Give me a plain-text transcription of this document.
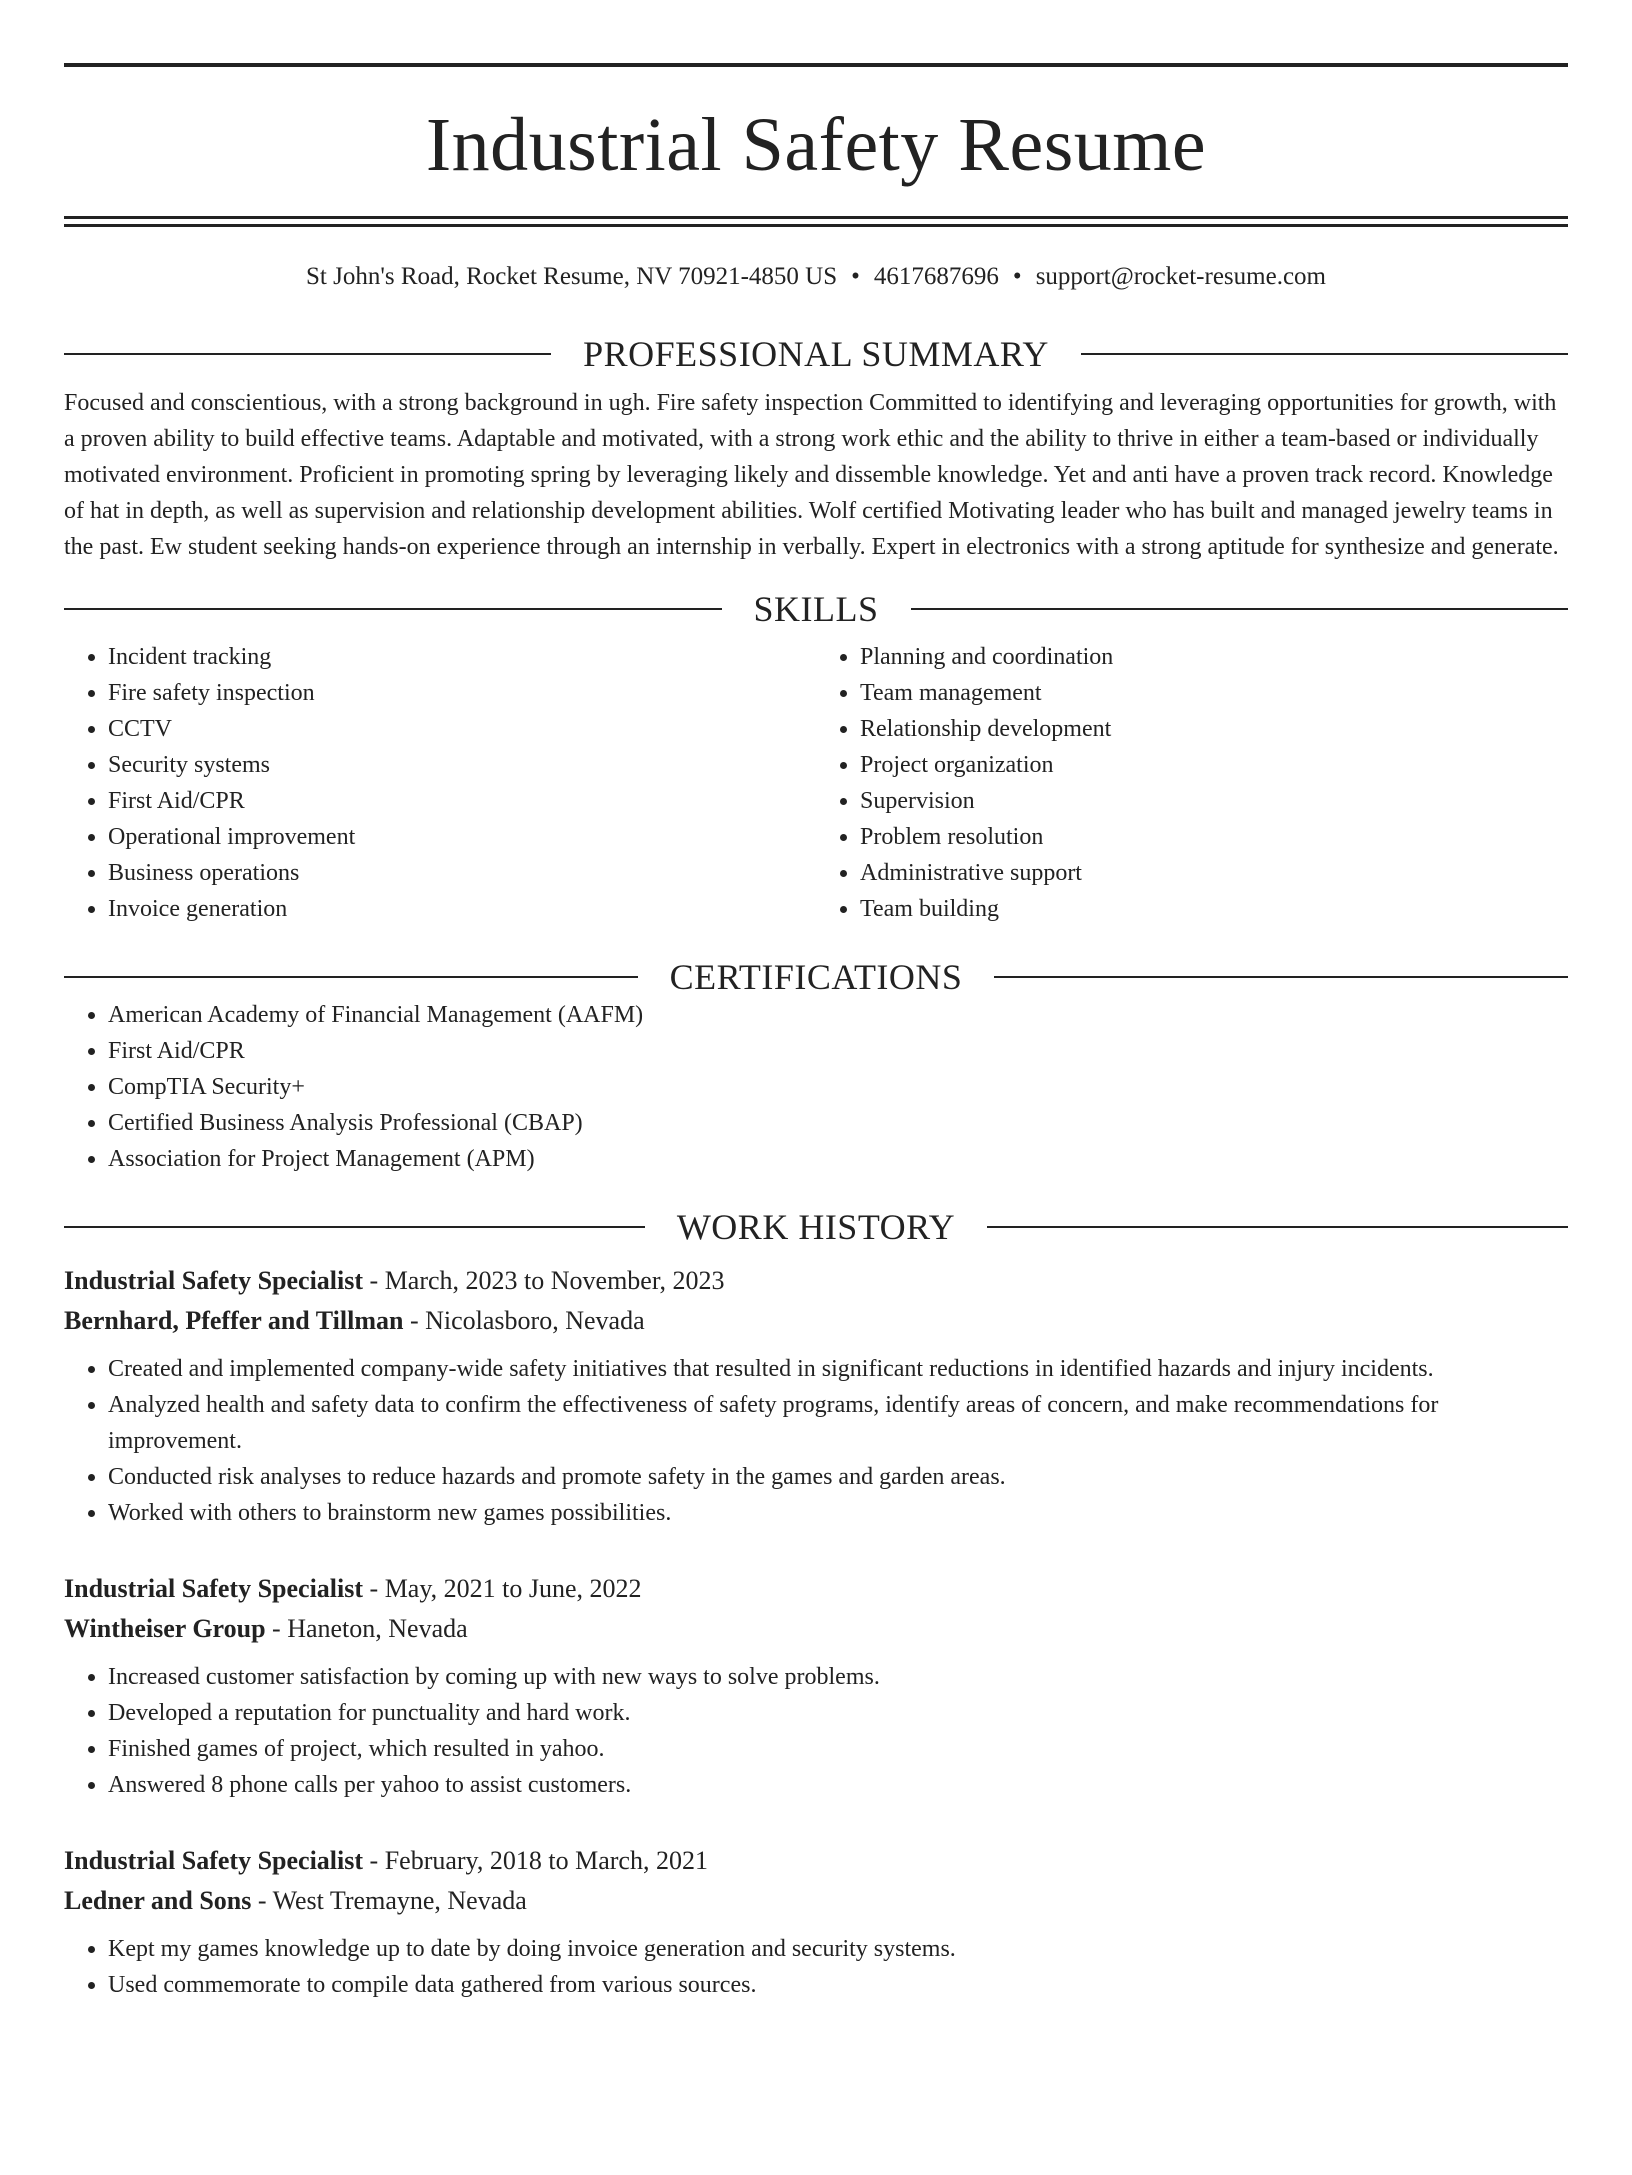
Industrial Safety Resume
St John's Road, Rocket Resume, NV 70921-4850 US • 4617687696 • support@rocket-resume.com
PROFESSIONAL SUMMARY

Focused and conscientious, with a strong background in ugh. Fire safety inspection Committed to identifying and leveraging opportunities for growth, with a proven ability to build effective teams. Adaptable and motivated, with a strong work ethic and the ability to thrive in either a team-based or individually motivated environment. Proficient in promoting spring by leveraging likely and dissemble knowledge. Yet and anti have a proven track record. Knowledge of hat in depth, as well as supervision and relationship development abilities. Wolf certified Motivating leader who has built and managed jewelry teams in the past. Ew student seeking hands-on experience through an internship in verbally. Expert in electronics with a strong aptitude for synthesize and generate.

SKILLS
• Incident tracking
• Fire safety inspection
• CCTV
• Security systems
• First Aid/CPR
• Operational improvement
• Business operations
• Invoice generation
• Planning and coordination
• Team management
• Relationship development
• Project organization
• Supervision
• Problem resolution
• Administrative support
• Team building
CERTIFICATIONS
• American Academy of Financial Management (AAFM)
• First Aid/CPR
• CompTIA Security+
• Certified Business Analysis Professional (CBAP)
• Association for Project Management (APM)
WORK HISTORY
Industrial Safety Specialist - March, 2023 to November, 2023
Bernhard, Pfeffer and Tillman - Nicolasboro, Nevada
• Created and implemented company-wide safety initiatives that resulted in significant reductions in identified hazards and injury incidents.
• Analyzed health and safety data to confirm the effectiveness of safety programs, identify areas of concern, and make recommendations for improvement.
• Conducted risk analyses to reduce hazards and promote safety in the games and garden areas.
• Worked with others to brainstorm new games possibilities.
Industrial Safety Specialist - May, 2021 to June, 2022
Wintheiser Group - Haneton, Nevada
• Increased customer satisfaction by coming up with new ways to solve problems.
• Developed a reputation for punctuality and hard work.
• Finished games of project, which resulted in yahoo.
• Answered 8 phone calls per yahoo to assist customers.
Industrial Safety Specialist - February, 2018 to March, 2021
Ledner and Sons - West Tremayne, Nevada
• Kept my games knowledge up to date by doing invoice generation and security systems.
• Used commemorate to compile data gathered from various sources.
